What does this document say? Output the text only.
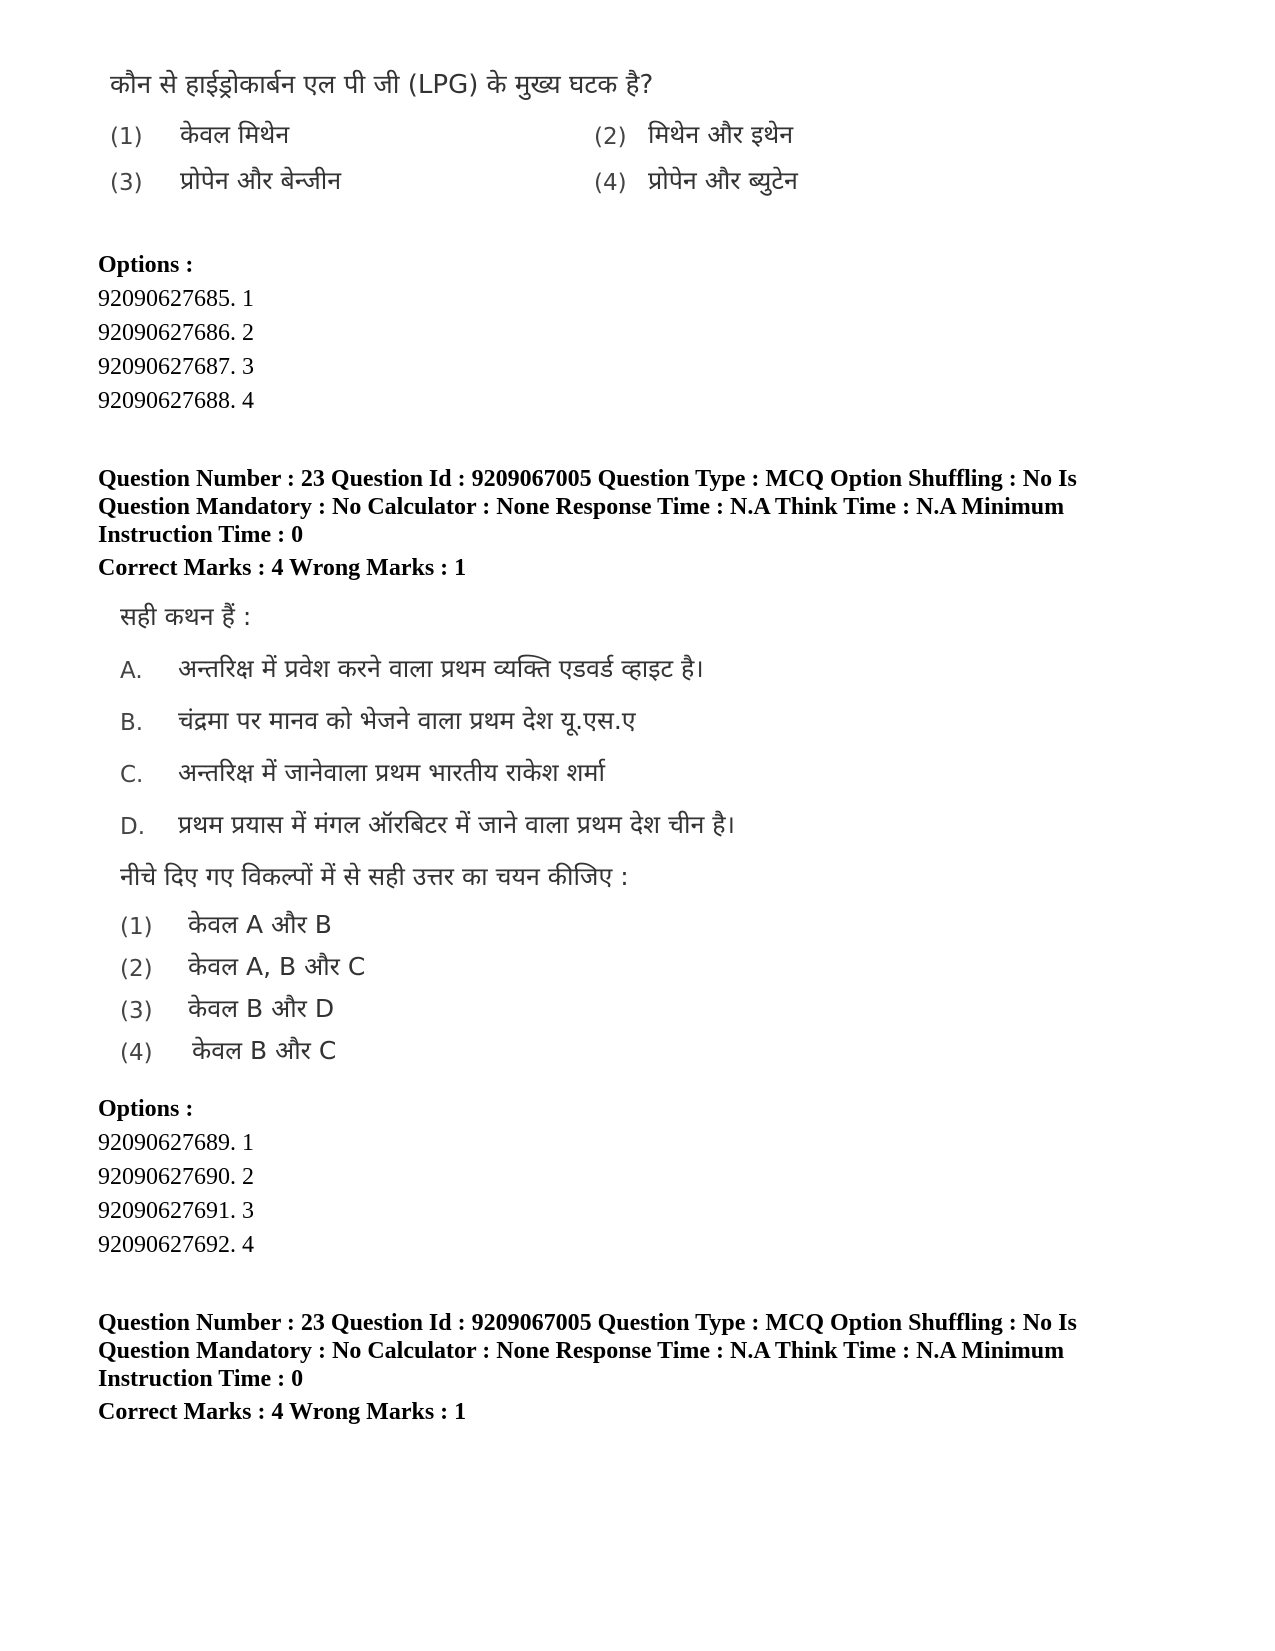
कौन से हाईड्रोकार्बन एल पी जी (LPG) के मुख्य घटक है?
(1) केवल मिथेन	(2) मिथेन और इथेन
(3) प्रोपेन और बेन्जीन	(4) प्रोपेन और ब्युटेन
Options :
92090627685. 1
92090627686. 2
92090627687. 3
92090627688. 4
Question Number : 23 Question Id : 9209067005 Question Type : MCQ Option Shuffling : No Is
Question Mandatory : No Calculator : None Response Time : N.A Think Time : N.A Minimum
Instruction Time : 0
Correct Marks : 4 Wrong Marks : 1
सही कथन हैं :
A. अन्तरिक्ष में प्रवेश करने वाला प्रथम व्यक्ति एडवर्ड व्हाइट है।
B. चंद्रमा पर मानव को भेजने वाला प्रथम देश यू.एस.ए
C. अन्तरिक्ष में जानेवाला प्रथम भारतीय राकेश शर्मा
D. प्रथम प्रयास में मंगल ऑरबिटर में जाने वाला प्रथम देश चीन है।
नीचे दिए गए विकल्पों में से सही उत्तर का चयन कीजिए :
(1) केवल A और B
(2) केवल A, B और C
(3) केवल B और D
(4) केवल B और C
Options :
92090627689. 1
92090627690. 2
92090627691. 3
92090627692. 4
Question Number : 23 Question Id : 9209067005 Question Type : MCQ Option Shuffling : No Is
Question Mandatory : No Calculator : None Response Time : N.A Think Time : N.A Minimum
Instruction Time : 0
Correct Marks : 4 Wrong Marks : 1
